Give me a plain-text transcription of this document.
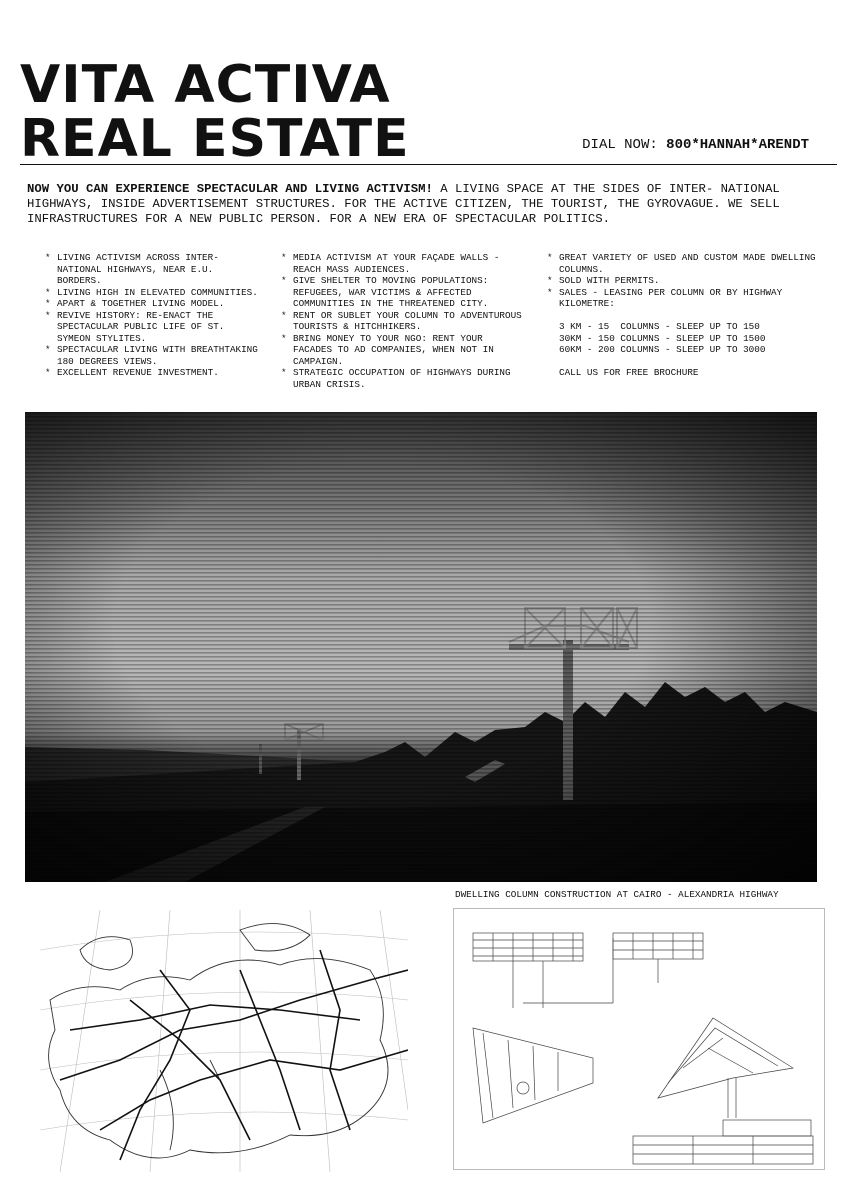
VITA ACTIVA
REAL ESTATE	DIAL NOW: 800*HANNAH*ARENDT

NOW YOU CAN EXPERIENCE SPECTACULAR AND LIVING ACTIVISM! A LIVING SPACE AT THE SIDES OF INTER- NATIONAL HIGHWAYS, INSIDE ADVERTISEMENT STRUCTURES. FOR THE ACTIVE CITIZEN, THE TOURIST, THE GYROVAGUE. WE SELL INFRASTRUCTURES FOR A NEW PUBLIC PERSON. FOR A NEW ERA OF SPECTACULAR POLITICS.

* LIVING ACTIVISM ACROSS INTER- NATIONAL HIGHWAYS, NEAR E.U. BORDERS.
* LIVING HIGH IN ELEVATED COMMUNITIES.
* APART & TOGETHER LIVING MODEL.
* REVIVE HISTORY: RE-ENACT THE SPECTACULAR PUBLIC LIFE OF ST. SYMEON STYLITES.
* SPECTACULAR LIVING WITH BREATHTAKING 180 DEGREES VIEWS.
* EXCELLENT REVENUE INVESTMENT.
* MEDIA ACTIVISM AT YOUR FAÇADE WALLS - REACH MASS AUDIENCES.
* GIVE SHELTER TO MOVING POPULATIONS: REFUGEES, WAR VICTIMS & AFFECTED COMMUNITIES IN THE THREATENED CITY.
* RENT OR SUBLET YOUR COLUMN TO ADVENTUROUS TOURISTS & HITCHHIKERS.
* BRING MONEY TO YOUR NGO: RENT YOUR FACADES TO AD COMPANIES, WHEN NOT IN CAMPAIGN.
* STRATEGIC OCCUPATION OF HIGHWAYS DURING URBAN CRISIS.
* GREAT VARIETY OF USED AND CUSTOM MADE DWELLING COLUMNS.
* SOLD WITH PERMITS.
* SALES - LEASING PER COLUMN OR BY HIGHWAY KILOMETRE:
3 KM - 15  COLUMNS - SLEEP UP TO 150
30KM - 150 COLUMNS - SLEEP UP TO 1500
60KM - 200 COLUMNS - SLEEP UP TO 3000
CALL US FOR FREE BROCHURE
DWELLING COLUMN CONSTRUCTION AT CAIRO - ALEXANDRIA HIGHWAY
